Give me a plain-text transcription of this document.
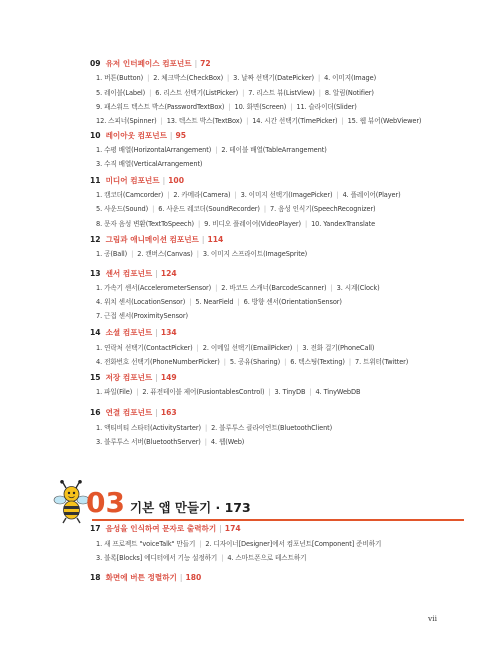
09 유저 인터페이스 컴포넌트 | 72
1. 버튼(Button) | 2. 체크박스(CheckBox) | 3. 날짜 선택기(DatePicker) | 4. 이미지(Image)
5. 레이블(Label) | 6. 리스트 선택기(ListPicker) | 7. 리스트 뷰(ListView) | 8. 알림(Notifier)
9. 패스워드 텍스트 박스(PasswordTextBox) | 10. 화면(Screen) | 11. 슬라이더(Slider)
12. 스피너(Spinner) | 13. 텍스트 박스(TextBox) | 14. 시간 선택기(TimePicker) | 15. 웹 뷰어(WebViewer)
10 레이아웃 컴포넌트 | 95
1. 수평 배열(HorizontalArrangement) | 2. 테이블 배열(TableArrangement)
3. 수직 배열(VerticalArrangement)
11 미디어 컴포넌트 | 100
1. 캠코더(Camcorder) | 2. 카메라(Camera) | 3. 이미지 선택기(ImagePicker) | 4. 플레이어(Player)
5. 사운드(Sound) | 6. 사운드 레코더(SoundRecorder) | 7. 음성 인식기(SpeechRecognizer)
8. 문자 음성 변환(TextToSpeech) | 9. 비디오 플레이어(VideoPlayer) | 10. YandexTranslate
12 그림과 애니메이션 컴포넌트 | 114
1. 공(Ball) | 2. 캔버스(Canvas) | 3. 이미지 스프라이트(ImageSprite)
13 센서 컴포넌트 | 124
1. 가속기 센서(AccelerometerSensor) | 2. 바코드 스캐너(BarcodeScanner) | 3. 시계(Clock)
4. 위치 센서(LocationSensor) | 5. NearField | 6. 방향 센서(OrientationSensor)
7. 근접 센서(ProximitySensor)
14 소셜 컴포넌트 | 134
1. 연락처 선택기(ContactPicker) | 2. 이메일 선택기(EmailPicker) | 3. 전화 걸기(PhoneCall)
4. 전화번호 선택기(PhoneNumberPicker) | 5. 공유(Sharing) | 6. 텍스팅(Texting) | 7. 트위터(Twitter)
15 저장 컴포넌트 | 149
1. 파일(File) | 2. 퓨전테이블 제어(FusiontablesControl) | 3. TinyDB | 4. TinyWebDB
16 연결 컴포넌트 | 163
1. 액티비티 스타터(ActivityStarter) | 2. 블루투스 클라이언트(BluetoothClient)
3. 블루투스 서버(BluetoothServer) | 4. 웹(Web)
17 음성을 인식하여 문자로 출력하기 | 174
1. 새 프로젝트 "voiceTalk" 만들기 | 2. 디자이너[Designer]에서 컴포넌트[Component] 준비하기
3. 블록[Blocks] 에디터에서 기능 설정하기 | 4. 스마트폰으로 테스트하기
18 화면에 버튼 정렬하기 | 180
03 기본 앱 만들기 · 173
vii
